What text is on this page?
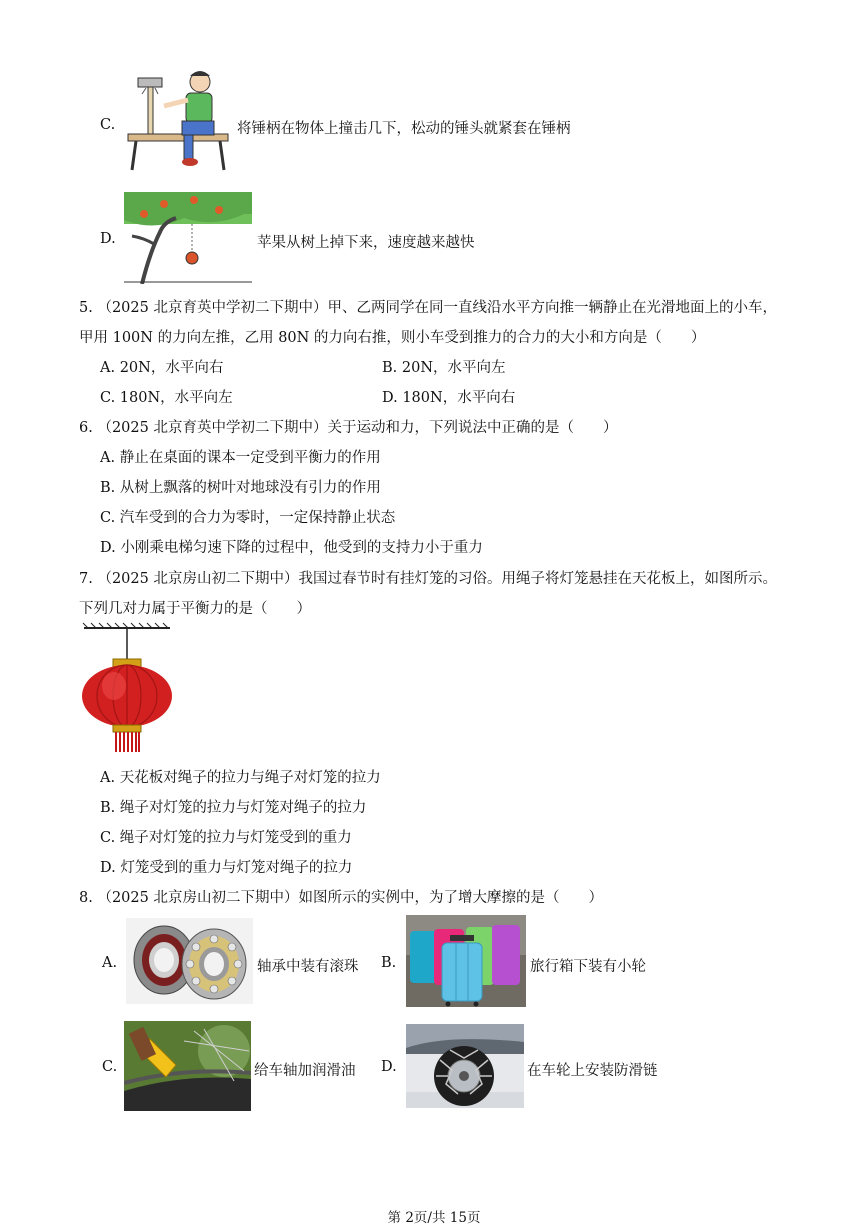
C.	将锤柄在物体上撞击几下，松动的锤头就紧套在锤柄
D.	苹果从树上掉下来，速度越来越快
5. （2025 北京育英中学初二下期中）甲、乙两同学在同一直线沿水平方向推一辆静止在光滑地面上的小车，
甲用 100N 的力向左推，乙用 80N 的力向右推，则小车受到推力的合力的大小和方向是（　　）
A. 20N，水平向右	B. 20N，水平向左
C. 180N，水平向左	D. 180N，水平向右
6. （2025 北京育英中学初二下期中）关于运动和力，下列说法中正确的是（　　）
A. 静止在桌面的课本一定受到平衡力的作用
B. 从树上飘落的树叶对地球没有引力的作用
C. 汽车受到的合力为零时，一定保持静止状态
D. 小刚乘电梯匀速下降的过程中，他受到的支持力小于重力
7. （2025 北京房山初二下期中）我国过春节时有挂灯笼的习俗。用绳子将灯笼悬挂在天花板上，如图所示。
下列几对力属于平衡力的是（　　）
A. 天花板对绳子的拉力与绳子对灯笼的拉力
B. 绳子对灯笼的拉力与灯笼对绳子的拉力
C. 绳子对灯笼的拉力与灯笼受到的重力
D. 灯笼受到的重力与灯笼对绳子的拉力
8. （2025 北京房山初二下期中）如图所示的实例中，为了增大摩擦的是（　　）
A.	轴承中装有滚珠 B.	旅行箱下装有小轮
C.	给车轴加润滑油 D.	在车轮上安装防滑链
第 2页/共 15页
